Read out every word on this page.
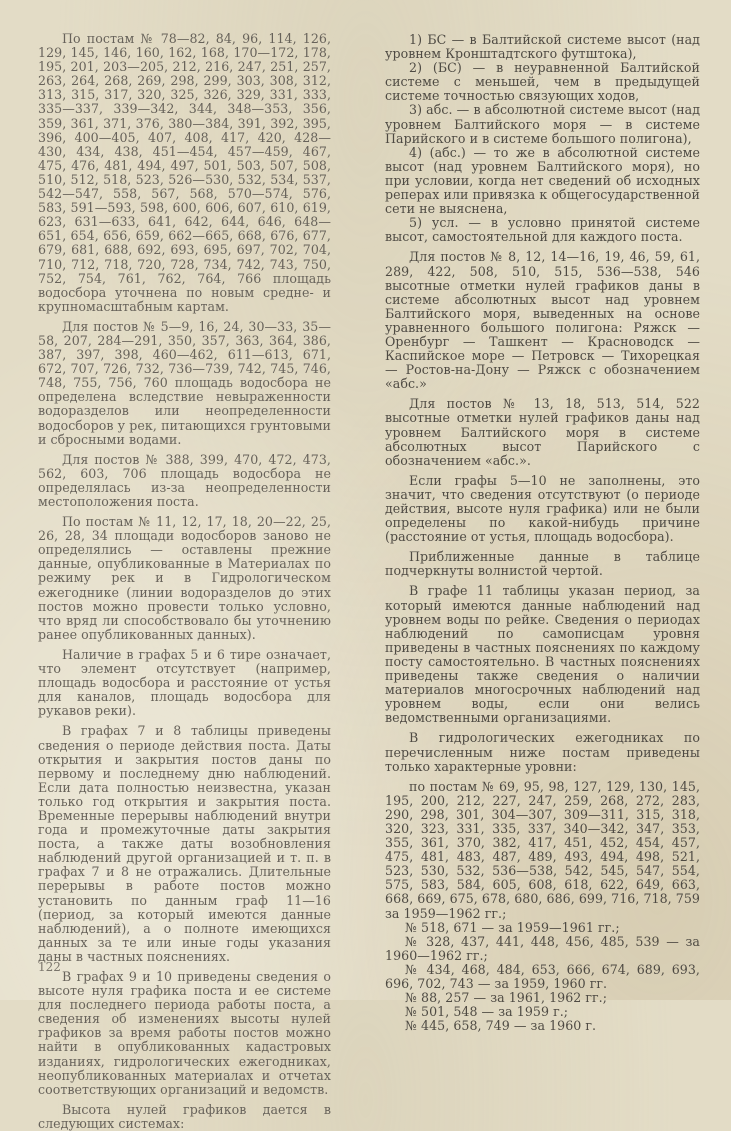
По постам № 78—82, 84, 96, 114, 126, 129, 145, 146, 160, 162, 168, 170—172, 178, 195, 201, 203—205, 212, 216, 247, 251, 257, 263, 264, 268, 269, 298, 299, 303, 308, 312, 313, 315, 317, 320, 325, 326, 329, 331, 333, 335—337, 339—342, 344, 348—353, 356, 359, 361, 371, 376, 380—384, 391, 392, 395, 396, 400—405, 407, 408, 417, 420, 428—430, 434, 438, 451—454, 457—459, 467, 475, 476, 481, 494, 497, 501, 503, 507, 508, 510, 512, 518, 523, 526—530, 532, 534, 537, 542—547, 558, 567, 568, 570—574, 576, 583, 591—593, 598, 600, 606, 607, 610, 619, 623, 631—633, 641, 642, 644, 646, 648—651, 654, 656, 659, 662—665, 668, 676, 677, 679, 681, 688, 692, 693, 695, 697, 702, 704, 710, 712, 718, 720, 728, 734, 742, 743, 750, 752, 754, 761, 762, 764, 766 площадь водосбора уточнена по новым средне- и крупномасштабным картам.

Для постов № 5—9, 16, 24, 30—33, 35—58, 207, 284—291, 350, 357, 363, 364, 386, 387, 397, 398, 460—462, 611—613, 671, 672, 707, 726, 732, 736—739, 742, 745, 746, 748, 755, 756, 760 площадь водосбора не определена вследствие невыраженности водоразделов или неопределенности водосборов у рек, питающихся грунтовыми и сбросными водами.

Для постов № 388, 399, 470, 472, 473, 562, 603, 706 площадь водосбора не определялась из-за неопределенности местоположения поста.

По постам № 11, 12, 17, 18, 20—22, 25, 26, 28, 34 площади водосборов заново не определялись — оставлены прежние данные, опубликованные в Материалах по режиму рек и в Гидрологическом ежегоднике (линии водоразделов до этих постов можно провести только условно, что вряд ли способствовало бы уточнению ранее опубликованных данных).

Наличие в графах 5 и 6 тире означает, что элемент отсутствует (например, площадь водосбора и расстояние от устья для каналов, площадь водосбора для рукавов реки).

В графах 7 и 8 таблицы приведены сведения о периоде действия поста. Даты открытия и закрытия постов даны по первому и последнему дню наблюдений. Если дата полностью неизвестна, указан только год открытия и закрытия поста. Временные перерывы наблюдений внутри года и промежуточные даты закрытия поста, а также даты возобновления наблюдений другой организацией и т. п. в графах 7 и 8 не отражались. Длительные перерывы в работе постов можно установить по данным граф 11—16 (период, за который имеются данные наблюдений), а о полноте имеющихся данных за те или иные годы указания даны в частных пояснениях.

В графах 9 и 10 приведены сведения о высоте нуля графика поста и ее системе для последнего периода работы поста, а сведения об изменениях высоты нулей графиков за время работы постов можно найти в опубликованных кадастровых изданиях, гидрологических ежегодниках, неопубликованных материалах и отчетах соответствующих организаций и ведомств.

Высота нулей графиков дается в следующих системах:

1) БС — в Балтийской системе высот (над уровнем Кронштадтского футштока),

2) (БС) — в неуравненной Балтийской системе с меньшей, чем в предыдущей системе точностью связующих ходов,

3) абс. — в абсолютной системе высот (над уровнем Балтийского моря — в системе Парийского и в системе большого полигона),

4) (абс.) — то же в абсолютной системе высот (над уровнем Балтийского моря), но при условии, когда нет сведений об исходных реперах или привязка к общегосударственной сети не выяснена,

5) усл. — в условно принятой системе высот, самостоятельной для каждого поста.

Для постов № 8, 12, 14—16, 19, 46, 59, 61, 289, 422, 508, 510, 515, 536—538, 546 высотные отметки нулей графиков даны в системе абсолютных высот над уровнем Балтийского моря, выведенных на основе уравненного большого полигона: Ряжск — Оренбург — Ташкент — Красноводск — Каспийское море — Петровск — Тихорецкая — Ростов-на-Дону — Ряжск с обозначением «абс.»

Для постов № 13, 18, 513, 514, 522 высотные отметки нулей графиков даны над уровнем Балтийского моря в системе абсолютных высот Парийского с обозначением «абс.».

Если графы 5—10 не заполнены, это значит, что сведения отсутствуют (о периоде действия, высоте нуля графика) или не были определены по какой-нибудь причине (расстояние от устья, площадь водосбора).

Приближенные данные в таблице подчеркнуты волнистой чертой.

В графе 11 таблицы указан период, за который имеются данные наблюдений над уровнем воды по рейке. Сведения о периодах наблюдений по самописцам уровня приведены в частных пояснениях по каждому посту самостоятельно. В частных пояснениях приведены также сведения о наличии материалов многосрочных наблюдений над уровнем воды, если они велись ведомственными организациями.

В гидрологических ежегодниках по перечисленным ниже постам приведены только характерные уровни:

по постам № 69, 95, 98, 127, 129, 130, 145, 195, 200, 212, 227, 247, 259, 268, 272, 283, 290, 298, 301, 304—307, 309—311, 315, 318, 320, 323, 331, 335, 337, 340—342, 347, 353, 355, 361, 370, 382, 417, 451, 452, 454, 457, 475, 481, 483, 487, 489, 493, 494, 498, 521, 523, 530, 532, 536—538, 542, 545, 547, 554, 575, 583, 584, 605, 608, 618, 622, 649, 663, 668, 669, 675, 678, 680, 686, 699, 716, 718, 759 за 1959—1962 гг.;

№ 518, 671 — за 1959—1961 гг.;

№ 328, 437, 441, 448, 456, 485, 539 — за 1960—1962 гг.;

№ 434, 468, 484, 653, 666, 674, 689, 693, 696, 702, 743 — за 1959, 1960 гг.

№ 88, 257 — за 1961, 1962 гг.;

№ 501, 548 — за 1959 г.;

№ 445, 658, 749 — за 1960 г.

122
